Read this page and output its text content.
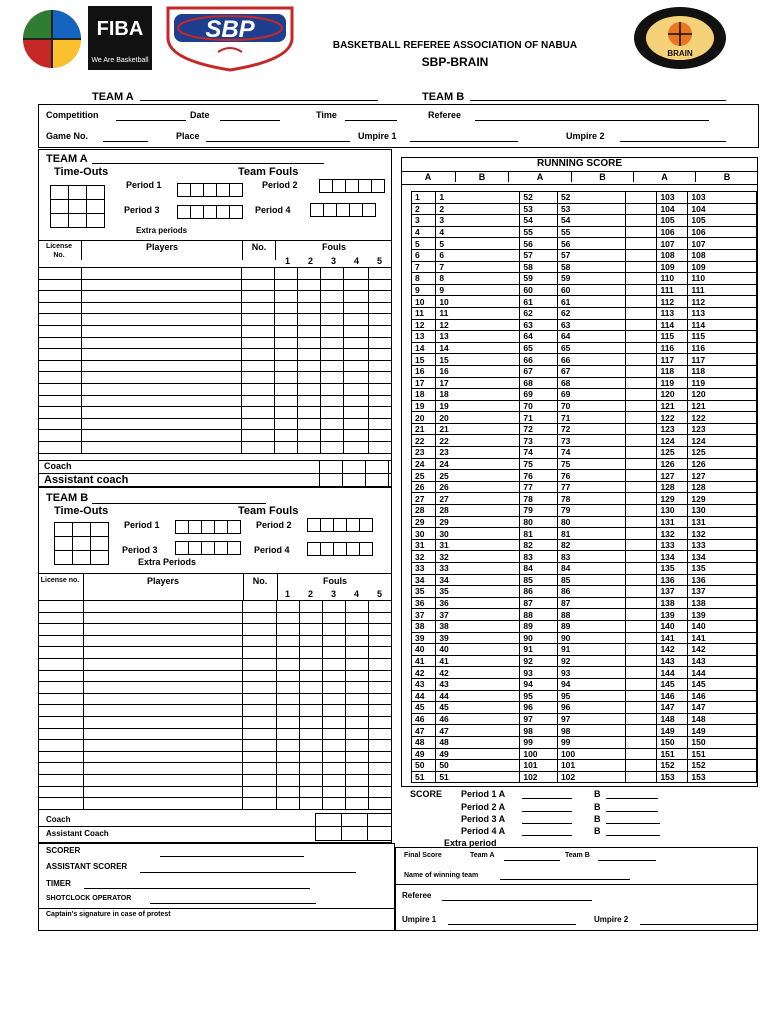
FIBA
We Are Basketball
SBP
BASKETBALL REFEREE ASSOCIATION OF NABUA
SBP-BRAIN
BRAIN
TEAM A	TEAM B
Competition	Date	Time	Referee
Game No.	Place	Umpire 1	Umpire 2
TEAM A
Time-Outs	Team Fouls
Period 1	Period 2
Period 3	Period 4
Extra periods
License No.
Players	No.	Fouls
1	2	3	4	5

Coach
Assistant coach
TEAM B
Time-Outs	Team Fouls
Period 1	Period 2
Period 3	Period 4
Extra Periods
License no.	Players	No.	Fouls
1	2	3	4	5

Coach
Assistant Coach
RUNNING SCORE
A	B	A	B	A	B
1	1	52	52		103	103
2	2	53	53		104	104
3	3	54	54		105	105
4	4	55	55		106	106
5	5	56	56		107	107
6	6	57	57		108	108
7	7	58	58		109	109
8	8	59	59		110	110
9	9	60	60		111	111
10	10	61	61		112	112
11	11	62	62		113	113
12	12	63	63		114	114
13	13	64	64		115	115
14	14	65	65		116	116
15	15	66	66		117	117
16	16	67	67		118	118
17	17	68	68		119	119
18	18	69	69		120	120
19	19	70	70		121	121
20	20	71	71		122	122
21	21	72	72		123	123
22	22	73	73		124	124
23	23	74	74		125	125
24	24	75	75		126	126
25	25	76	76		127	127
26	26	77	77		128	128
27	27	78	78		129	129
28	28	79	79		130	130
29	29	80	80		131	131
30	30	81	81		132	132
31	31	82	82		133	133
32	32	83	83		134	134
33	33	84	84		135	135
34	34	85	85		136	136
35	35	86	86		137	137
36	36	87	87		138	138
37	37	88	88		139	139
38	38	89	89		140	140
39	39	90	90		141	141
40	40	91	91		142	142
41	41	92	92		143	143
42	42	93	93		144	144
43	43	94	94		145	145
44	44	95	95		146	146
45	45	96	96		147	147
46	46	97	97		148	148
47	47	98	98		149	149
48	48	99	99		150	150
49	49	100	100		151	151
50	50	101	101		152	152
51	51	102	102		153	153
SCORE Period 1 A	B
Period 2 A	B
Period 3 A	B
Period 4 A	B
Extra period
SCORER
ASSISTANT SCORER
TIMER
SHOTCLOCK OPERATOR
Captain's signature in case of protest
Final Score	Team A	Team B
Name of winning team
Referee
Umpire 1	Umpire 2
